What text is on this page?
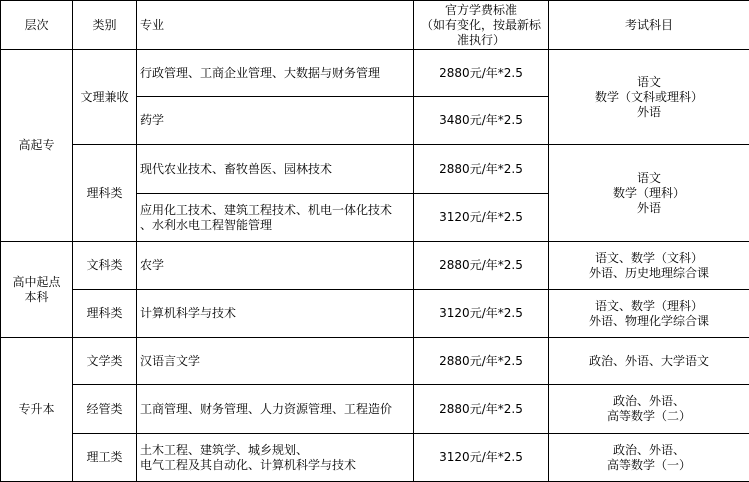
层次	类别	专业	官方学费标准
（如有变化，按最新标
准执行）	考试科目
高起专	文理兼收	行政管理、工商企业管理、大数据与财务管理	2880元/年*2.5	语文
数学（文科或理科）
外语
		药学	3480元/年*2.5	
	理科类	现代农业技术、畜牧兽医、园林技术	2880元/年*2.5	语文
数学（理科）
外语
		应用化工技术、建筑工程技术、机电一体化技术
、水利水电工程智能管理	3120元/年*2.5	
高中起点
本科	文科类	农学	2880元/年*2.5	语文、数学（文科）
外语、历史地理综合课
	理科类	计算机科学与技术	3120元/年*2.5	语文、数学（理科）
外语、物理化学综合课
专升本	文学类	汉语言文学	2880元/年*2.5	政治、外语、大学语文
	经管类	工商管理、财务管理、人力资源管理、工程造价	2880元/年*2.5	政治、外语、
高等数学（二）
	理工类	土木工程、建筑学、城乡规划、
电气工程及其自动化、计算机科学与技术	3120元/年*2.5	政治、外语、
高等数学（一）
